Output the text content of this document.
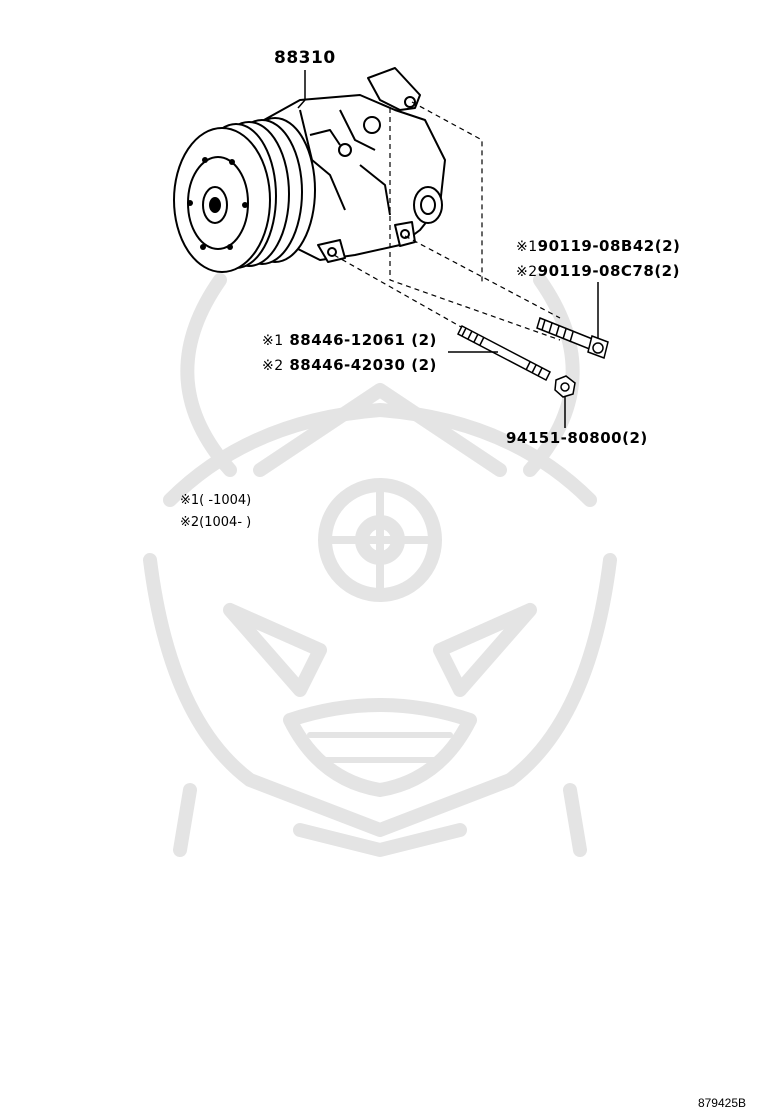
88310
※190119-08B42(2)
※290119-08C78(2)
※1 88446-12061 (2)
※2 88446-42030 (2)
94151-80800(2)
※1( -1004)
※2(1004- )
879425B
